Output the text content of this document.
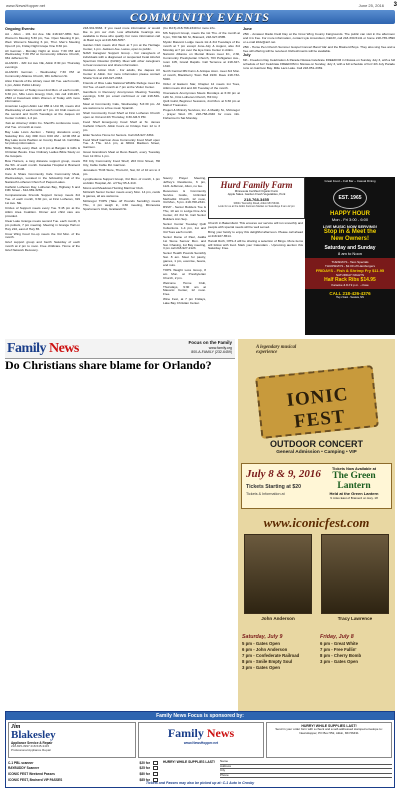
www.NewsHopper.net	June 25, 2016 3
COMMUNITY EVENTS
Ongoing Events:
AA - Alton - 101 1st Ave. NE 218-927-3651 Sun. Women's Meeting 5:30 pm, Tue. Open Meeting 8 pm, Wed. Women's Meeting 6 pm, Thur. Men's Meeting Open 8 pm, Friday Night Grape Vine 8:30 pm.
All German - Monday Night at Lisco 7:30 PM and Wednesday 7:30 PM at Community Alliance Church, 961 Jefferson St.
ALANON - 320 1st Ave NE, Aitkin 8:30 pm Thursday evenings.
ALANON German - Wednesday 7:30 PM at Community Alliance Church, 961 Jefferson St.
Alton Friends of the Library meet 4th Tue. each month, 1 pm, Aitkin Public Library.
Aitkin Women of Today meet 2nd Mon. of each month, 6:30 pm, Milo Lions Energy Club, info call 218-927-2563 or Facebook Aitkin Women of Today with more information.
American Legion Aitkin Lac #86 & Unit 86, meets 2nd Wednesday of each month at 7 pm. Art Club meets on the second and fourth Tuesdays at the Jaques Art Center in Aitkin, 1-3 pm.
'Ask an Attorney' Aitkin Co. Sheriff's conference room, 2nd Tue. of month at noon.
Bay Lake Lions Auction - Taking donations every Saturday thru July 30th from 9:00 AM - 12:00 PM at Bay Lake Lions Pavilion on County Road 14. Call Mike for pickup information.
Bible Study every Wed. at 6 pm at Bargain & Gifts & Christian Books. Free Ordinary Ladies Bible Study on the Gospels.
Bow Hunters, a long distance support group, meets the 5th. of each month. Kanadas Hospital in Brainerd 218-927-2146.
Care & Share Community Cafe Community Meal, Wednesdays, Located in the fellowship hall of the Nazareth Lutheran Church of Pequot Lakes.
Catholic Lutheran Day, Lutheran Bay, Highway 6 and Fifth Street - 612-669-3269.
Compassionate Friends Support Group meets 3rd Tue. of each month, 6:30 pm, at First Lutheran, 319 1st Ave. NE.
Circles of Support meets every Tue. 5:45 pm at the Aitkin Area Coalition. Dinner and child care are provided.
Clear Lake Grange meets second Tue. each month, 6 pm potluck, 7 pm meeting. Meeting in Grange Hall on Hwy 210, east of Hwy 65.
Crow Wing Food Co-op meets the 3rd Mon. of the month.
Grief support group and fourth Saturday of each month at 2 pm to noon. Free childcare. Home of the Grief Network Recovery.
218-931-5663. If you need more information or would like to join our club. Low affordable hearings are available to those who qualify. For more information call Jo Basil Leys at 218-546-5057.
Garden Club meets 2nd Wed. at 7 pm at the Heritage Center, 1 pm. Jackson Ave. Lasso, open to public.
NAMI Caregiver Support Group - For caregivers of individuals with a diagnosed or suspected Fetal Alcohol Spectrum Disorder (FASD). Meet with other caregivers to hear resources and share information.
Outdoors Action Club - For adults, the Jaques Art Center in Aitkin. For more information please contact Sheila York at 218-927-2363.
Friends of Rice Lake National Wildlife Refuge meet the 3rd Tue. of each month at 7 pm at the Visitor Center.
Gamblers in Recovery Anonymous Meeting Tuesday evenings, 6:30 pm email confirmed or call 218-546-5057.
Meal at Community Cafe, Wednesday, 5-6:30 pm. All are welcome to a free meal. Spanish.
Shell Community Food Shelf at First Lutheran Church open on 3rd and 4th Thursday, 9:30 AM-5 PM.
Food Shelf Emergency Food Shelf at St. James Catholic Church. Aitkin hours on Fridays from 12 to 3 pm.
Elder Service Home for Seniors. Call 218-927-3364.
Food Shelf Garrison Area Community Food Shelf open Tue. & Thu. 12-1 pm, at 36941 Madison Street, Garrison.
Great Grandma's Meal at Reno Beach, every Tuesday from 11:30 to 1 pm.
Hill City Community Food Shelf, 203 First Street, Hill City, Cable Cable Rd. Garrison.
Jerusalem Thrift Store, Thurs-Fri, Sat, Fri of 10 am to 4 pm.
Lymphedema Support Group, 3rd Mon. of month, 1 pm at Aitkin Hospital, Ah. of Hwy 65 & 210.
Moms and Meadows Hunting Marriner Club.
McGrath Senior Center meets every Mon. 14 pm, cards & games, all are welcome.
McGregor TOPS (Take off Pounds Sensibly) meets Thu., 4 pm weigh in, 4:30 meeting, Minnesota Sportsmen's Club, Grattarelli St.
(Co Rd 6) 218-768-2340 for more info.
MS Support Group, meets the 1st Thu. of the month at 6 pm, 700 NE 6th St, Brainerd, 218-927-6585.
Mystic Masonic Lodge meets 1st & 3rd Tuesdays of the month at 7 pm except June-July & August, also 3rd Monday at 7 pm over the Eye Care Center in Aitkin.
Narcotic Alliance on Mental Illness meet Fri., 2:30, Community Presbyterian Church, 703 Pohlgarten Ave., room 105, Grand Rapids. Call Terrence at 218-327-1310.
North Central MN Farm & Antique Assn. meet 3rd Mon. of month, Blackberry Town Hall 1930. Dave 218-732-5020.
Order of Eastern Star, Chapter 12 meets 1st Tues, Aitkin meets 2nd and 4th Tuesday of the month.
Overeaters Anonymous Meets Mondays at 6:30 pm at 12th St., First Lutheran Church, Hill City.
Quilt Guild, Beginner Sessions, 2nd Mon. at 6:30 pm at Mall of Treasures.
Project & Ministry Services, Inc. & Maddy St., McGregor - prayer Wed. Ph. 218-768-2340 for more info. Fishermen's Sat Monday.
June
25th - Amateur Radio Field Day at the Crow Wing County Fairgrounds. The public can visit in the afternoon and it is free. For more information, contact Lyle Amundson, KE0JV, call 218-330-5141 or home 218-765-3590 or e-mail k0dv@arrl.net.
25th - Horse Pen Church Summer Gospel Concert Band 'Ida' and the Brainerd Boys. They also sing free and a free will offering will be received. Refreshments will be available.
July
6th - Freedom Day Celebration & Parade Nisswa Celebrate FREEDOM in Nisswa on Sunday July 3, with a full schedule of fun! Celebrate FREEDOM in Nisswa on Sunday, July 3, with a full schedule of fun! 4th July Parade runs on Garrison Bay. Mille Lacs Lake. Call 218-851-2369.
Savory Prayer Meeting, Jeffrey's Residence, 6 pm, 1121 Jefferson, Alton, no fee.
Resources & Community Service Guide, Unlimited Methodist Church, 12 noon, 3rd Mon., 5 pm. 218-768-2341.
RSVP - Senior Builders Tue & Thu, 10 am in Lodge Fine Arts Center, 23 3rd St. Call Senior Builders Ann Sep.
Senior Center Tuesday Quilt Collections. 1-4 pm, 1st and 3rd Tues each month.
Senior Dame of Paul, Jadda 1st Stone Sensor Mon. and Sat. Chasing, 1st Bay meeting, 3 pm call 218-927-2123.
Senior Health Pounds Sensibly Sat. 8 am. Meet for pastry, games, 1 pm, exercise, beans, and nuts.
TOPS Weight Loss Group, 8 am Mon. at Presbyterian Church, 2 pm.
Welcome Home Club, Thursdays, 9:30 am at Masonic Center, 12 noon. Free.
Wine Fest, at 7 pm Fridays, Lake Bay Christian Center.
Church in Bakersfield. This ensures our service will run smoothly and people with special needs will be well served.
Bring your family to enjoy this delightful afternoon. Please call ahead at 218-927-6514.
Harold Roth, OHS-3 will be sharing a selection of Bingo. More items will follow with food. Mark your Calendars - Upcoming auction this Saturday. Free.
Hurd Family Farm
Minnesota Certified Organic Farm
Apple Sales. Garden Fresh Vegetables, Pork
218-768-3455
30641 Township Road, Aitkin MN 56431
Look for us at the Aitkin Farmers Market on Saturdays 9 am-12 pm
Great Food ~ Full Bar ~ Casual Dining
EST. 1965
HAPPY HOUR
Mon - Fri 3:00 - 6:00
LIVE MUSIC NOW SERVING!
Stop in & Meet the
New Owners!
Saturday and Sunday
8 am to Noon
TUESDAYS - Taco Specials
THURSDAYS - $2.00 off Hamburgers
FRIDAYS - Fish & Shrimp Fry $11.95
SATURDAY NIGHTS
Half Rack Ribs $14.95
Karaoke & DJ 9 p.m. - close
CALL 218-426-4376
Hwy 2 East - Swatara, MN
Family News	Focus on the Family
www.family.org
800-A-FAMILY (232-6459)
Do Christians share blame for Orlando?
A legendary musical experience
IONIC FEST
OUTDOOR CONCERT
General Admission • Camping • VIP
July 8 & 9, 2016
Tickets Starting at $20
Tickets & Information at
Tickets Now Available at
The Green Lantern
Held at the Green Lantern
9 miles East of Brainerd on Hwy. 18
www.iconicfest.com
John Anderson	Tracy Lawrence
Saturday, July 9
5 pm - Gates Open
6 pm - John Anderson
7 pm - Confederate Railroad
8 pm - Smile Empty Soul
3 pm - Gates Open
Friday, July 8
6 pm - Great White
7 pm - Free Fallin'
8 pm - Cherry Bomb
3 pm - Gates Open
Family News Focus is sponsored by:
Jim
Blakesley
Appliance Service & Repair
218-825-3997 218-545-3415
Professional Appliance Repair
Family News
www.NewsHopper.net
HURRY! WHILE SUPPLIES LAST!
Send in your order form with a check and a self-addressed stamped envelope to: NewsHopper, PO Box 552, Aitkin, MN 56431
C-1 PBL scanner	$20 for
RAYBUDDY Scanner	$25 for
ICONIC FEST Weekend Passes	$80 for
ICONIC FEST, Brainerd VIP PASSES	$85 for
HURRY! WHILE SUPPLIES LAST!	Name
Address
City
Phone
Tickets and Passes may also be picked up at: C-1 Auto in Crosby
